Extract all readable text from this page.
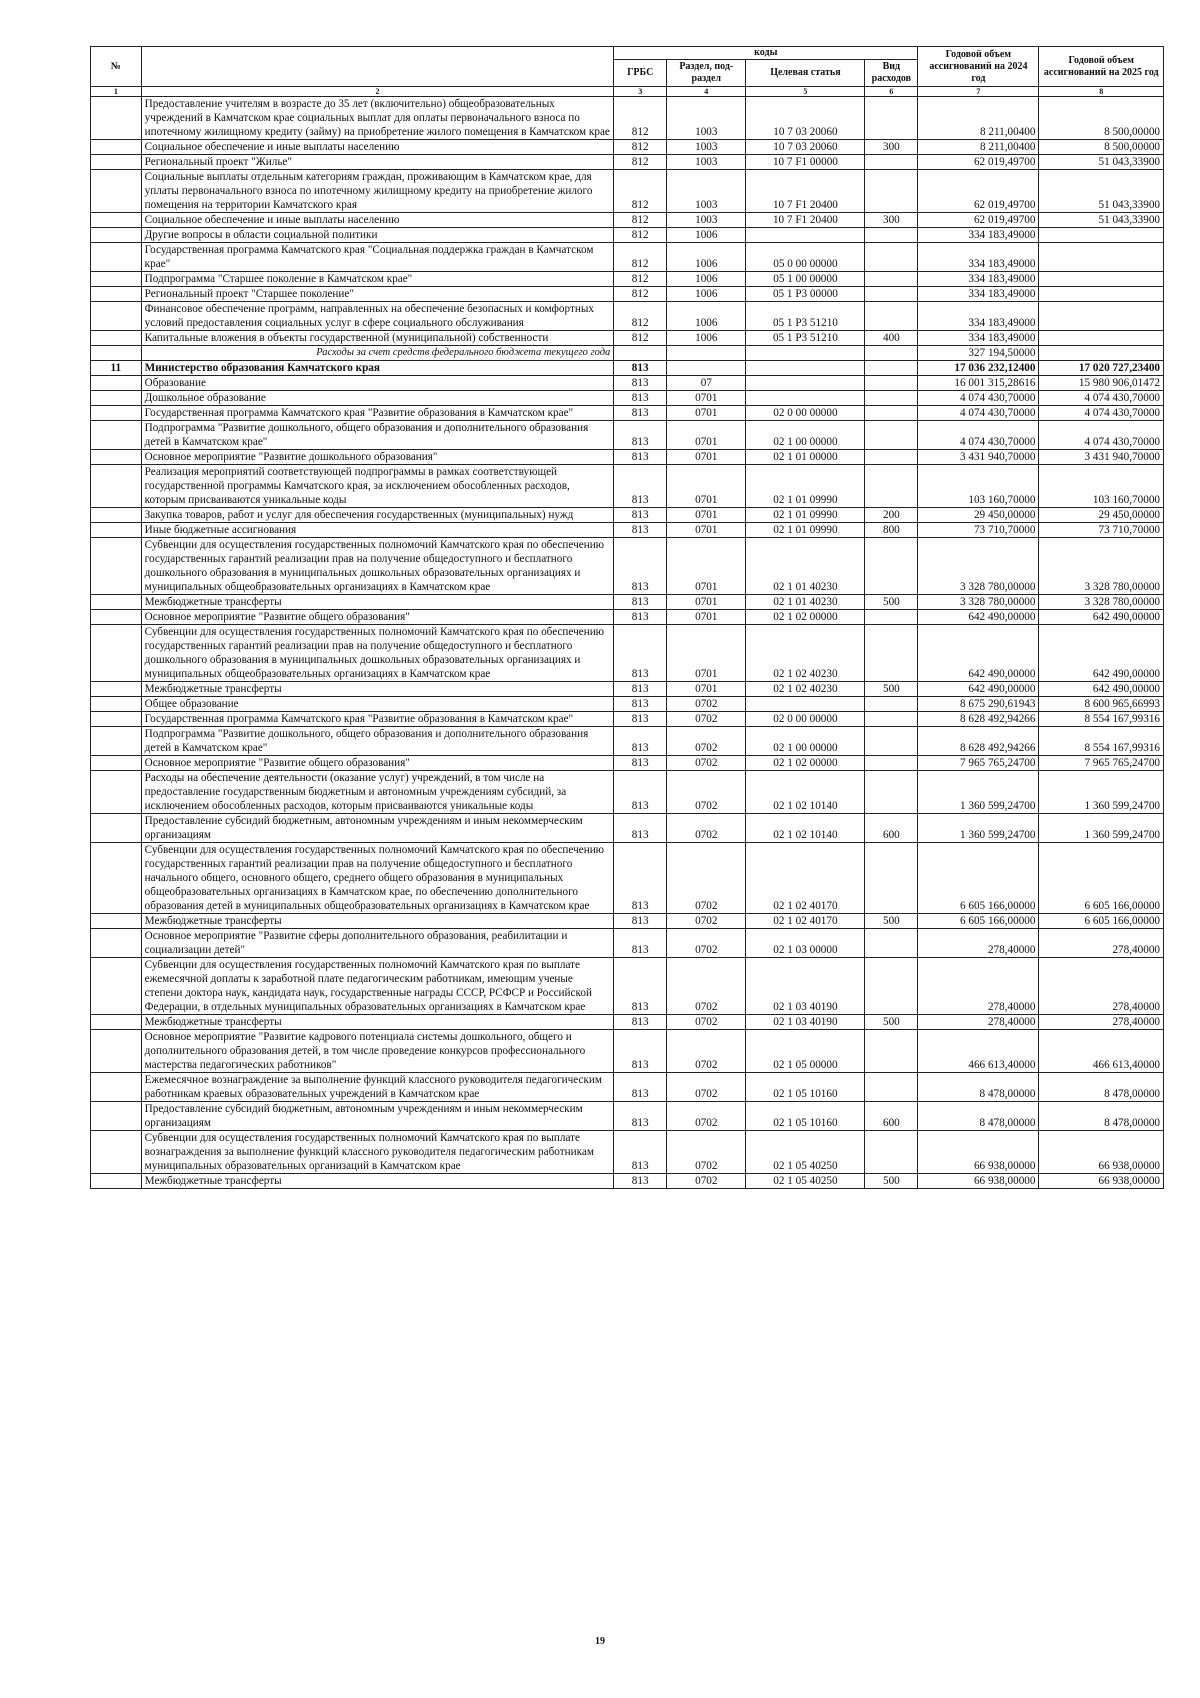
№		коды				Годовой объем ассигнований на 2024 год	Годовой объем ассигнований на 2025 год
		ГРБС	Раздел, под-раздел	Целевая статья	Вид расходов		
1	2	3	4	5	6	7	8
	Предоставление учителям в возрасте до 35 лет (включительно) общеобразовательных учреждений в Камчатском крае социальных выплат для оплаты первоначального взноса по ипотечному жилищному кредиту (займу) на приобретение жилого помещения в Камчатском крае	812	1003	10 7 03 20060		8 211,00400	8 500,00000
	Социальное обеспечение и иные выплаты населению	812	1003	10 7 03 20060	300	8 211,00400	8 500,00000
	Региональный проект "Жилье"	812	1003	10 7 F1 00000		62 019,49700	51 043,33900
	Социальные выплаты отдельным категориям граждан, проживающим в Камчатском крае, для уплаты первоначального взноса по ипотечному жилищному кредиту на приобретение жилого помещения на территории Камчатского края	812	1003	10 7 F1 20400		62 019,49700	51 043,33900
	Социальное обеспечение и иные выплаты населению	812	1003	10 7 F1 20400	300	62 019,49700	51 043,33900
	Другие вопросы в области социальной политики	812	1006			334 183,49000	
	Государственная программа Камчатского края "Социальная поддержка граждан в Камчатском крае"	812	1006	05 0 00 00000		334 183,49000	
	Подпрограмма "Старшее поколение в Камчатском крае"	812	1006	05 1 00 00000		334 183,49000	
	Региональный проект "Старшее поколение"	812	1006	05 1 P3 00000		334 183,49000	
	Финансовое обеспечение программ, направленных на обеспечение безопасных и комфортных условий предоставления социальных услуг в сфере социального обслуживания	812	1006	05 1 P3 51210		334 183,49000	
	Капитальные вложения в объекты государственной (муниципальной) собственности	812	1006	05 1 P3 51210	400	334 183,49000	
	Расходы за счет средств федерального бюджета текущего года					327 194,50000	
11	Министерство образования Камчатского края	813				17 036 232,12400	17 020 727,23400
	Образование	813	07			16 001 315,28616	15 980 906,01472
	Дошкольное образование	813	0701			4 074 430,70000	4 074 430,70000
	Государственная программа Камчатского края "Развитие образования в Камчатском крае"	813	0701	02 0 00 00000		4 074 430,70000	4 074 430,70000
	Подпрограмма "Развитие дошкольного, общего образования и дополнительного образования детей в Камчатском крае"	813	0701	02 1 00 00000		4 074 430,70000	4 074 430,70000
	Основное мероприятие "Развитие дошкольного образования"	813	0701	02 1 01 00000		3 431 940,70000	3 431 940,70000
	Реализация мероприятий соответствующей подпрограммы в рамках соответствующей государственной программы Камчатского края, за исключением обособленных расходов, которым присваиваются уникальные коды	813	0701	02 1 01 09990		103 160,70000	103 160,70000
	Закупка товаров, работ и услуг для обеспечения государственных (муниципальных) нужд	813	0701	02 1 01 09990	200	29 450,00000	29 450,00000
	Иные бюджетные ассигнования	813	0701	02 1 01 09990	800	73 710,70000	73 710,70000
	Субвенции для осуществления государственных полномочий Камчатского края по обеспечению государственных гарантий реализации прав на получение общедоступного и бесплатного дошкольного образования в муниципальных дошкольных образовательных организациях и муниципальных общеобразовательных организациях в Камчатском крае	813	0701	02 1 01 40230		3 328 780,00000	3 328 780,00000
	Межбюджетные трансферты	813	0701	02 1 01 40230	500	3 328 780,00000	3 328 780,00000
	Основное мероприятие "Развитие общего образования"	813	0701	02 1 02 00000		642 490,00000	642 490,00000
	Субвенции для осуществления государственных полномочий Камчатского края по обеспечению государственных гарантий реализации прав на получение общедоступного и бесплатного дошкольного образования в муниципальных дошкольных образовательных организациях и муниципальных общеобразовательных организациях в Камчатском крае	813	0701	02 1 02 40230		642 490,00000	642 490,00000
	Межбюджетные трансферты	813	0701	02 1 02 40230	500	642 490,00000	642 490,00000
	Общее образование	813	0702			8 675 290,61943	8 600 965,66993
	Государственная программа Камчатского края "Развитие образования в Камчатском крае"	813	0702	02 0 00 00000		8 628 492,94266	8 554 167,99316
	Подпрограмма "Развитие дошкольного, общего образования и дополнительного образования детей в Камчатском крае"	813	0702	02 1 00 00000		8 628 492,94266	8 554 167,99316
	Основное мероприятие "Развитие общего образования"	813	0702	02 1 02 00000		7 965 765,24700	7 965 765,24700
	Расходы на обеспечение деятельности (оказание услуг) учреждений, в том числе на предоставление государственным бюджетным и автономным учреждениям субсидий, за исключением обособленных расходов, которым присваиваются уникальные коды	813	0702	02 1 02 10140		1 360 599,24700	1 360 599,24700
	Предоставление субсидий бюджетным, автономным учреждениям и иным некоммерческим организациям	813	0702	02 1 02 10140	600	1 360 599,24700	1 360 599,24700
	Субвенции для осуществления государственных полномочий Камчатского края по обеспечению государственных гарантий реализации прав на получение общедоступного и бесплатного начального общего, основного общего, среднего общего образования в муниципальных общеобразовательных организациях в Камчатском крае, по обеспечению дополнительного образования детей в муниципальных общеобразовательных организациях в Камчатском крае	813	0702	02 1 02 40170		6 605 166,00000	6 605 166,00000
	Межбюджетные трансферты	813	0702	02 1 02 40170	500	6 605 166,00000	6 605 166,00000
	Основное мероприятие "Развитие сферы дополнительного образования, реабилитации и социализации детей"	813	0702	02 1 03 00000		278,40000	278,40000
	Субвенции для осуществления государственных полномочий Камчатского края по выплате ежемесячной доплаты к заработной плате педагогическим работникам, имеющим ученые степени доктора наук, кандидата наук, государственные награды СССР, РСФСР и Российской Федерации, в отдельных муниципальных образовательных организациях в Камчатском крае	813	0702	02 1 03 40190		278,40000	278,40000
	Межбюджетные трансферты	813	0702	02 1 03 40190	500	278,40000	278,40000
	Основное мероприятие "Развитие кадрового потенциала системы дошкольного, общего и дополнительного образования детей, в том числе проведение конкурсов профессионального мастерства педагогических работников"	813	0702	02 1 05 00000		466 613,40000	466 613,40000
	Ежемесячное вознаграждение за выполнение функций классного руководителя педагогическим работникам краевых образовательных учреждений в Камчатском крае	813	0702	02 1 05 10160		8 478,00000	8 478,00000
	Предоставление субсидий бюджетным, автономным учреждениям и иным некоммерческим организациям	813	0702	02 1 05 10160	600	8 478,00000	8 478,00000
	Субвенции для осуществления государственных полномочий Камчатского края по выплате вознаграждения за выполнение функций классного руководителя педагогическим работникам муниципальных образовательных организаций в Камчатском крае	813	0702	02 1 05 40250		66 938,00000	66 938,00000
	Межбюджетные трансферты	813	0702	02 1 05 40250	500	66 938,00000	66 938,00000
19
